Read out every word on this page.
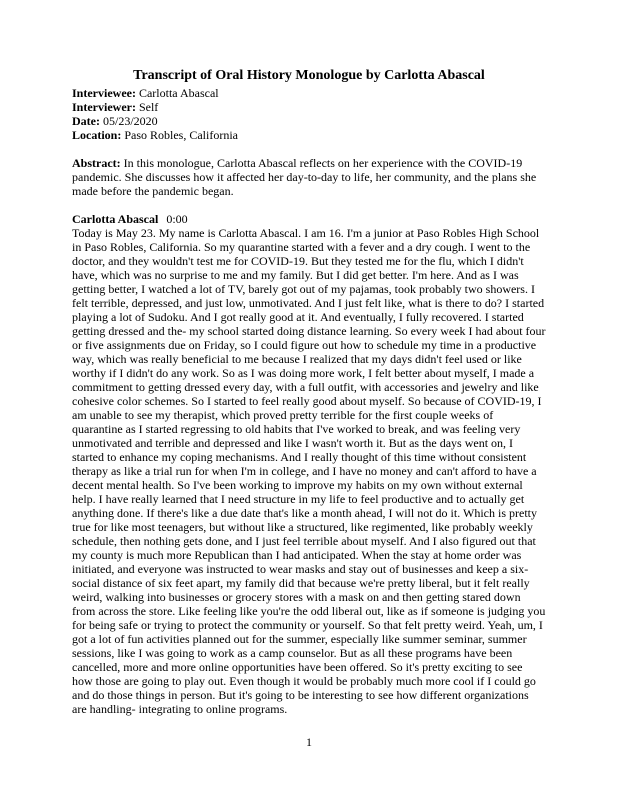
Transcript of Oral History Monologue by Carlotta Abascal

Interviewee: Carlotta Abascal

Interviewer: Self

Date: 05/23/2020

Location: Paso Robles, California

Abstract: In this monologue, Carlotta Abascal reflects on her experience with the COVID-19 pandemic. She discusses how it affected her day-to-day to life, her community, and the plans she made before the pandemic began.

Carlotta Abascal 0:00

Today is May 23. My name is Carlotta Abascal. I am 16. I'm a junior at Paso Robles High School in Paso Robles, California. So my quarantine started with a fever and a dry cough. I went to the doctor, and they wouldn't test me for COVID-19. But they tested me for the flu, which I didn't have, which was no surprise to me and my family. But I did get better. I'm here. And as I was getting better, I watched a lot of TV, barely got out of my pajamas, took probably two showers. I felt terrible, depressed, and just low, unmotivated. And I just felt like, what is there to do? I started playing a lot of Sudoku. And I got really good at it. And eventually, I fully recovered. I started getting dressed and the- my school started doing distance learning. So every week I had about four or five assignments due on Friday, so I could figure out how to schedule my time in a productive way, which was really beneficial to me because I realized that my days didn't feel used or like worthy if I didn't do any work. So as I was doing more work, I felt better about myself, I made a commitment to getting dressed every day, with a full outfit, with accessories and jewelry and like cohesive color schemes. So I started to feel really good about myself. So because of COVID-19, I am unable to see my therapist, which proved pretty terrible for the first couple weeks of quarantine as I started regressing to old habits that I've worked to break, and was feeling very unmotivated and terrible and depressed and like I wasn't worth it. But as the days went on, I started to enhance my coping mechanisms. And I really thought of this time without consistent therapy as like a trial run for when I'm in college, and I have no money and can't afford to have a decent mental health. So I've been working to improve my habits on my own without external help. I have really learned that I need structure in my life to feel productive and to actually get anything done. If there's like a due date that's like a month ahead, I will not do it. Which is pretty true for like most teenagers, but without like a structured, like regimented, like probably weekly schedule, then nothing gets done, and I just feel terrible about myself. And I also figured out that my county is much more Republican than I had anticipated. When the stay at home order was initiated, and everyone was instructed to wear masks and stay out of businesses and keep a six- social distance of six feet apart, my family did that because we're pretty liberal, but it felt really weird, walking into businesses or grocery stores with a mask on and then getting stared down from across the store. Like feeling like you're the odd liberal out, like as if someone is judging you for being safe or trying to protect the community or yourself. So that felt pretty weird. Yeah, um, I got a lot of fun activities planned out for the summer, especially like summer seminar, summer sessions, like I was going to work as a camp counselor. But as all these programs have been cancelled, more and more online opportunities have been offered. So it's pretty exciting to see how those are going to play out. Even though it would be probably much more cool if I could go and do those things in person. But it's going to be interesting to see how different organizations are handling- integrating to online programs.

1
